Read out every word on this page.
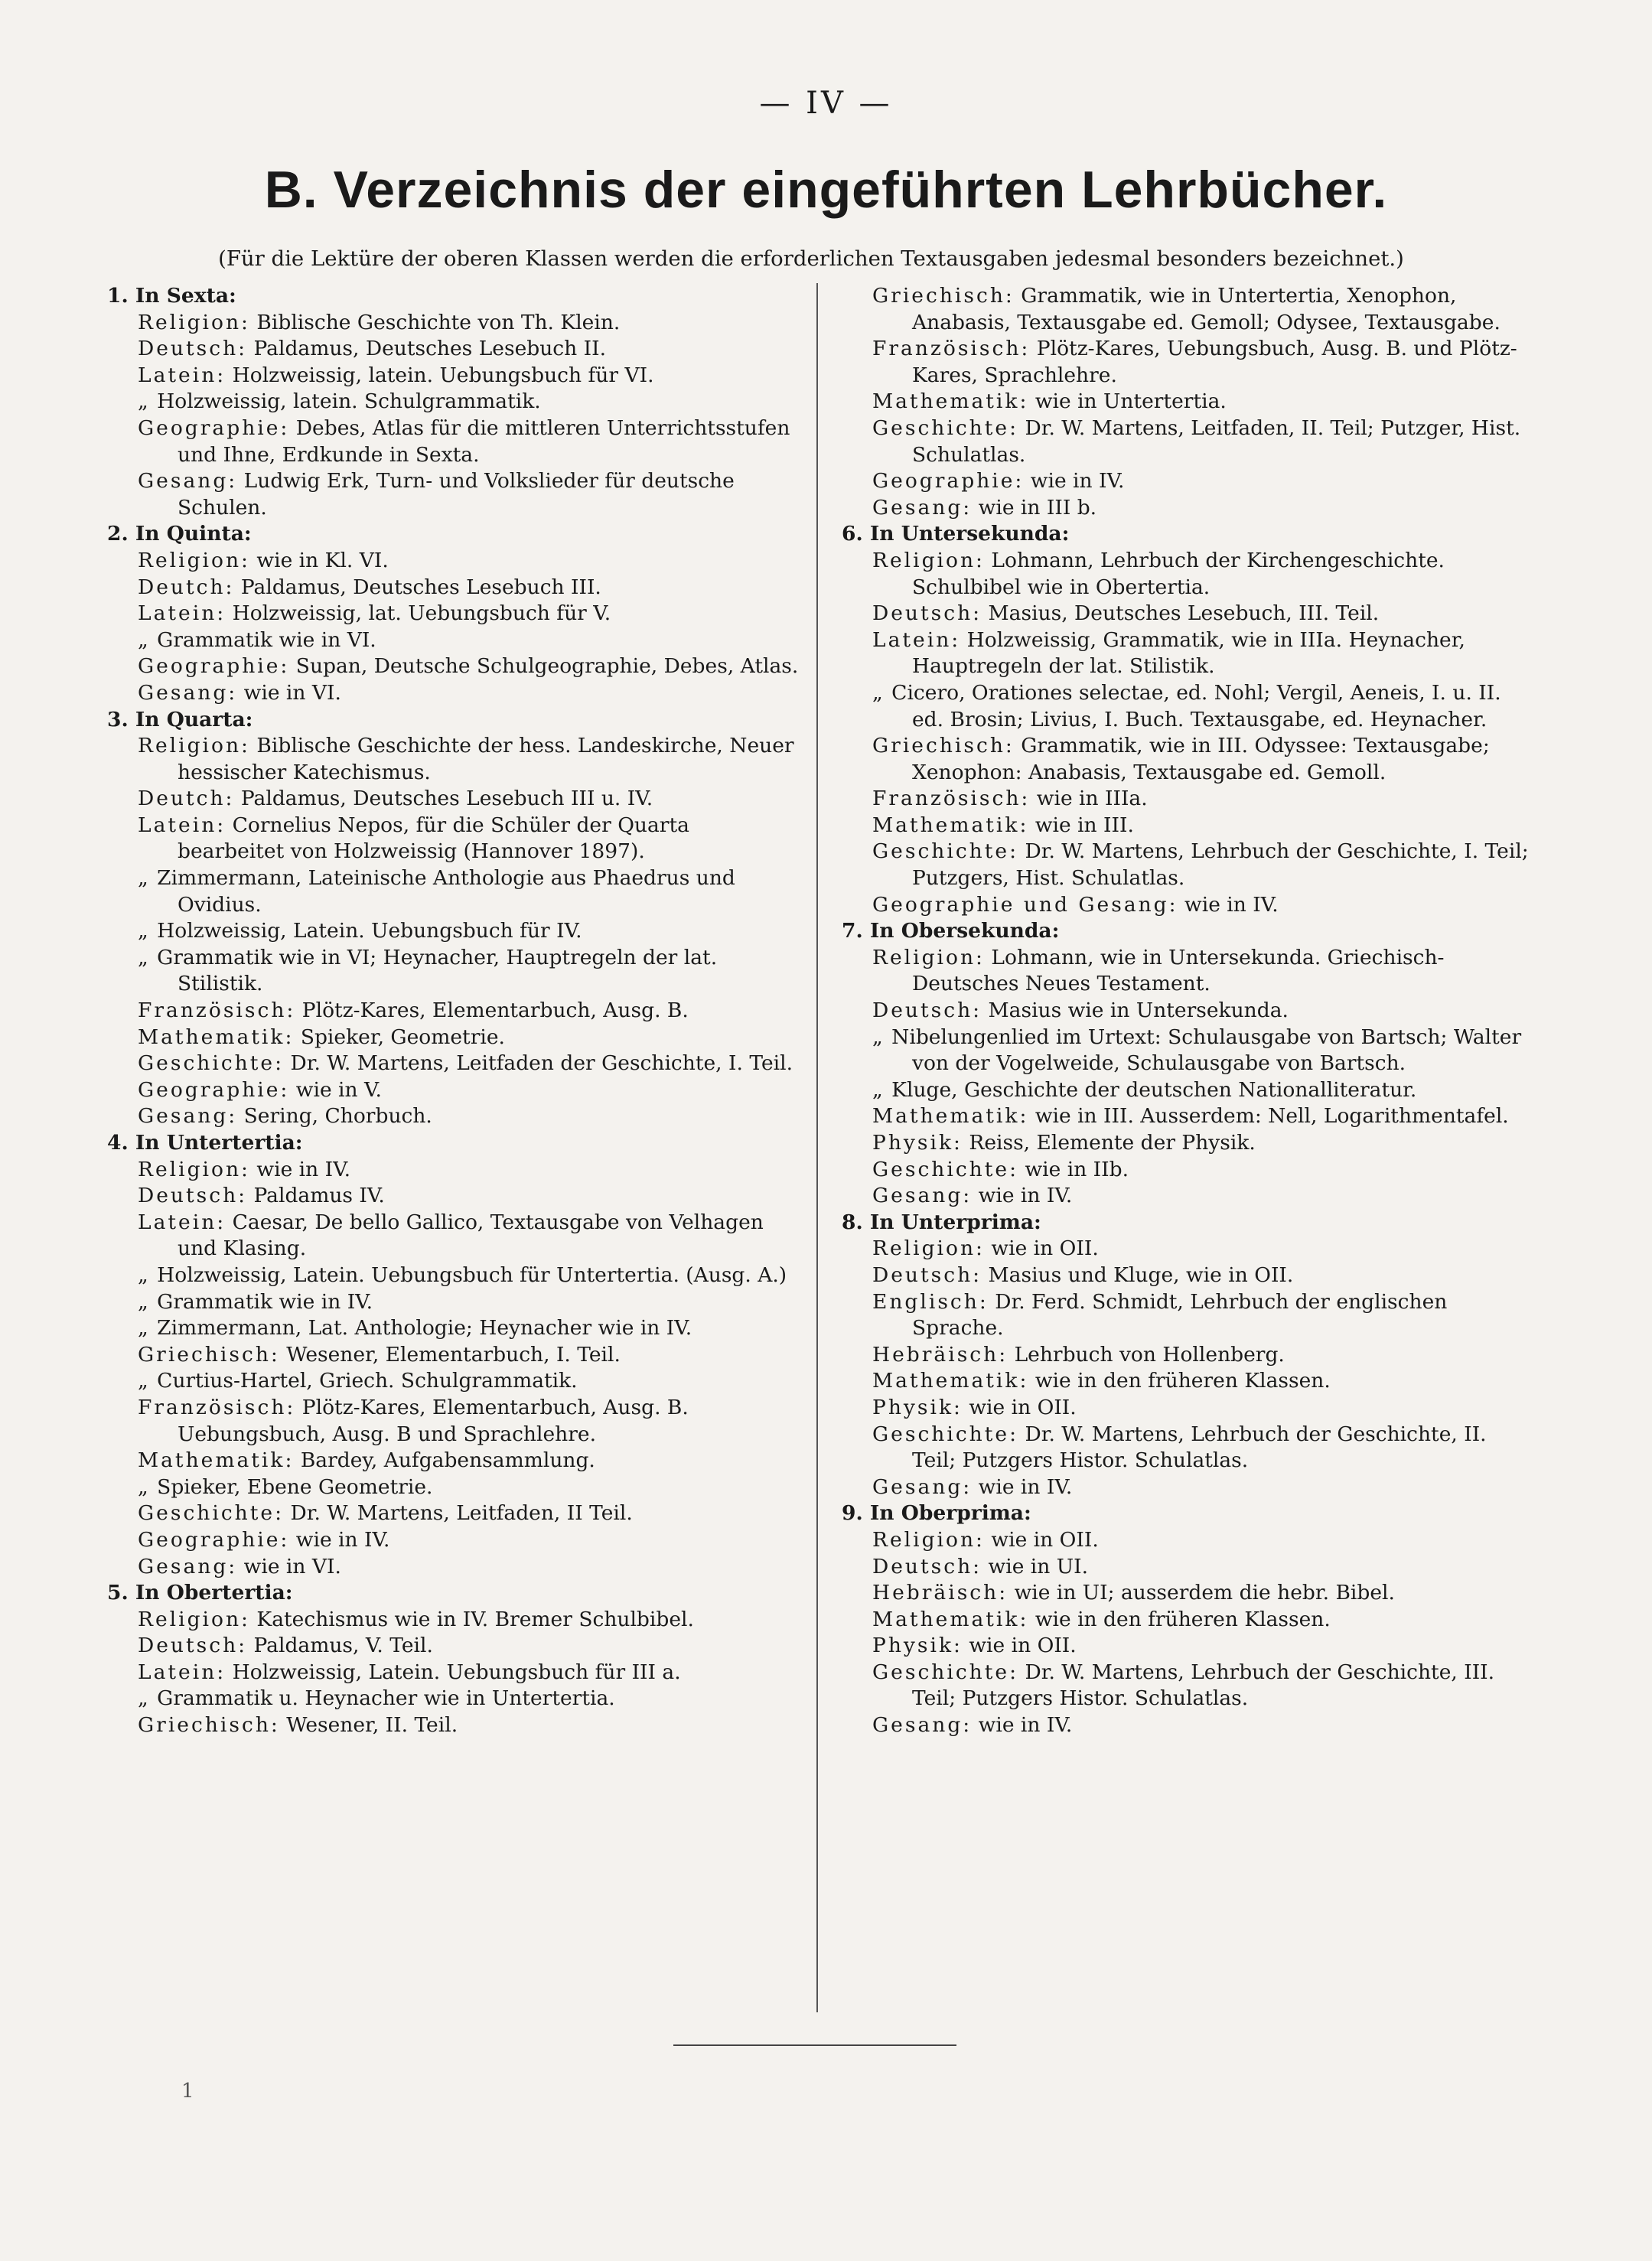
— IV —
B. Verzeichnis der eingeführten Lehrbücher.
(Für die Lektüre der oberen Klassen werden die erforderlichen Textausgaben jedesmal besonders bezeichnet.)
1. In Sexta:
Religion: Biblische Geschichte von Th. Klein.
Deutsch: Paldamus, Deutsches Lesebuch II.
Latein: Holzweissig, latein. Uebungsbuch für VI.
„ Holzweissig, latein. Schulgrammatik.
Geographie: Debes, Atlas für die mittleren Unterrichtsstufen und Ihne, Erdkunde in Sexta.
Gesang: Ludwig Erk, Turn- und Volkslieder für deutsche Schulen.
2. In Quinta:
Religion: wie in Kl. VI.
Deutch: Paldamus, Deutsches Lesebuch III.
Latein: Holzweissig, lat. Uebungsbuch für V.
„ Grammatik wie in VI.
Geographie: Supan, Deutsche Schulgeographie, Debes, Atlas.
Gesang: wie in VI.
3. In Quarta:
Religion: Biblische Geschichte der hess. Landeskirche, Neuer hessischer Katechismus.
Deutch: Paldamus, Deutsches Lesebuch III u. IV.
Latein: Cornelius Nepos, für die Schüler der Quarta bearbeitet von Holzweissig (Hannover 1897).
„ Zimmermann, Lateinische Anthologie aus Phaedrus und Ovidius.
„ Holzweissig, Latein. Uebungsbuch für IV.
„ Grammatik wie in VI; Heynacher, Hauptregeln der lat. Stilistik.
Französisch: Plötz-Kares, Elementarbuch, Ausg. B.
Mathematik: Spieker, Geometrie.
Geschichte: Dr. W. Martens, Leitfaden der Geschichte, I. Teil.
Geographie: wie in V.
Gesang: Sering, Chorbuch.
4. In Untertertia:
Religion: wie in IV.
Deutsch: Paldamus IV.
Latein: Caesar, De bello Gallico, Textausgabe von Velhagen und Klasing.
„ Holzweissig, Latein. Uebungsbuch für Untertertia. (Ausg. A.)
„ Grammatik wie in IV.
„ Zimmermann, Lat. Anthologie; Heynacher wie in IV.
Griechisch: Wesener, Elementarbuch, I. Teil.
„ Curtius-Hartel, Griech. Schulgrammatik.
Französisch: Plötz-Kares, Elementarbuch, Ausg. B. Uebungsbuch, Ausg. B und Sprachlehre.
Mathematik: Bardey, Aufgabensammlung.
„ Spieker, Ebene Geometrie.
Geschichte: Dr. W. Martens, Leitfaden, II Teil.
Geographie: wie in IV.
Gesang: wie in VI.
5. In Obertertia:
Religion: Katechismus wie in IV. Bremer Schulbibel.
Deutsch: Paldamus, V. Teil.
Latein: Holzweissig, Latein. Uebungsbuch für III a.
„ Grammatik u. Heynacher wie in Untertertia.
Griechisch: Wesener, II. Teil.
Griechisch: Grammatik, wie in Untertertia, Xenophon, Anabasis, Textausgabe ed. Gemoll; Odysee, Textausgabe.
Französisch: Plötz-Kares, Uebungsbuch, Ausg. B. und Plötz-Kares, Sprachlehre.
Mathematik: wie in Untertertia.
Geschichte: Dr. W. Martens, Leitfaden, II. Teil; Putzger, Hist. Schulatlas.
Geographie: wie in IV.
Gesang: wie in III b.
6. In Untersekunda:
Religion: Lohmann, Lehrbuch der Kirchengeschichte. Schulbibel wie in Obertertia.
Deutsch: Masius, Deutsches Lesebuch, III. Teil.
Latein: Holzweissig, Grammatik, wie in IIIa. Heynacher, Hauptregeln der lat. Stilistik.
„ Cicero, Orationes selectae, ed. Nohl; Vergil, Aeneis, I. u. II. ed. Brosin; Livius, I. Buch. Textausgabe, ed. Heynacher.
Griechisch: Grammatik, wie in III. Odyssee: Textausgabe; Xenophon: Anabasis, Textausgabe ed. Gemoll.
Französisch: wie in IIIa.
Mathematik: wie in III.
Geschichte: Dr. W. Martens, Lehrbuch der Geschichte, I. Teil; Putzgers, Hist. Schulatlas.
Geographie und Gesang: wie in IV.
7. In Obersekunda:
Religion: Lohmann, wie in Untersekunda. Griechisch-Deutsches Neues Testament.
Deutsch: Masius wie in Untersekunda.
„ Nibelungenlied im Urtext: Schulausgabe von Bartsch; Walter von der Vogelweide, Schulausgabe von Bartsch.
„ Kluge, Geschichte der deutschen Nationalliteratur.
Mathematik: wie in III. Ausserdem: Nell, Logarithmentafel.
Physik: Reiss, Elemente der Physik.
Geschichte: wie in IIb.
Gesang: wie in IV.
8. In Unterprima:
Religion: wie in OII.
Deutsch: Masius und Kluge, wie in OII.
Englisch: Dr. Ferd. Schmidt, Lehrbuch der englischen Sprache.
Hebräisch: Lehrbuch von Hollenberg.
Mathematik: wie in den früheren Klassen.
Physik: wie in OII.
Geschichte: Dr. W. Martens, Lehrbuch der Geschichte, II. Teil; Putzgers Histor. Schulatlas.
Gesang: wie in IV.
9. In Oberprima:
Religion: wie in OII.
Deutsch: wie in UI.
Hebräisch: wie in UI; ausserdem die hebr. Bibel.
Mathematik: wie in den früheren Klassen.
Physik: wie in OII.
Geschichte: Dr. W. Martens, Lehrbuch der Geschichte, III. Teil; Putzgers Histor. Schulatlas.
Gesang: wie in IV.
1
